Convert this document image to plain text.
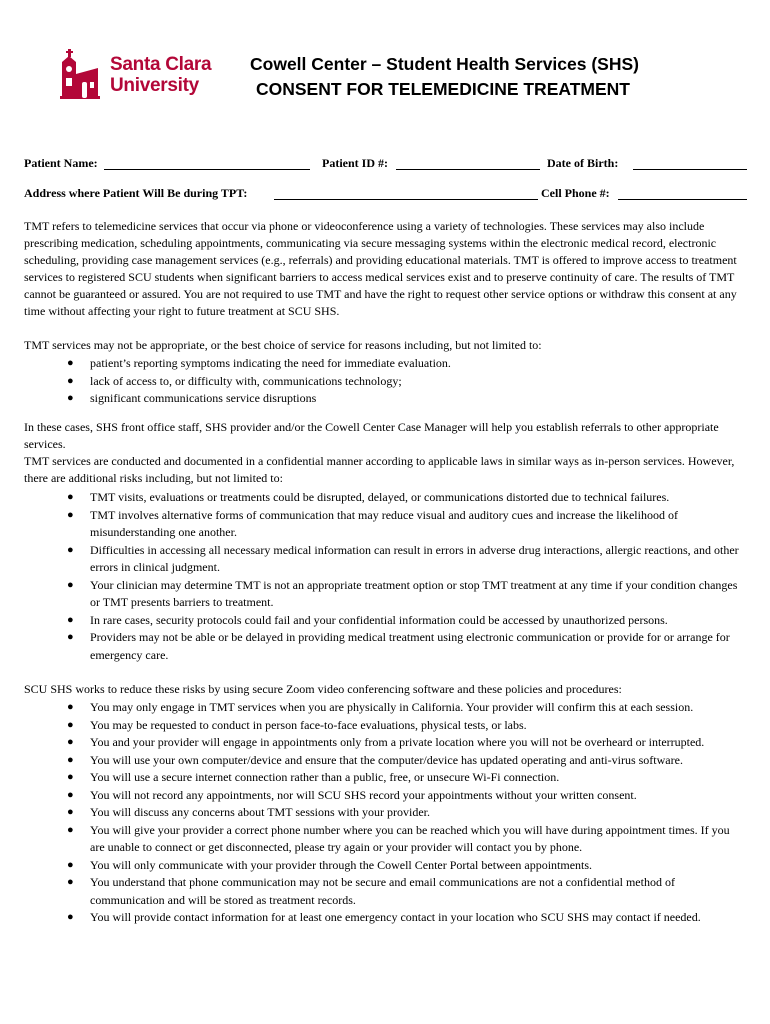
Santa Clara
University
Cowell Center – Student Health Services (SHS)
CONSENT FOR TELEMEDICINE TREATMENT
Patient Name:	Patient ID #:	Date of Birth:
Address where Patient Will Be during TPT:	Cell Phone #:

TMT refers to telemedicine services that occur via phone or videoconference using a variety of technologies. These services may also include prescribing medication, scheduling appointments, communicating via secure messaging systems within the electronic medical record, electronic scheduling, providing case management services (e.g., referrals) and providing educational materials. TMT is offered to improve access to treatment services to registered SCU students when significant barriers to access medical services exist and to preserve continuity of care. The results of TMT cannot be guaranteed or assured. You are not required to use TMT and have the right to request other service options or withdraw this consent at any time without affecting your right to future treatment at SCU SHS.

TMT services may not be appropriate, or the best choice of service for reasons including, but not limited to:

● patient’s reporting symptoms indicating the need for immediate evaluation.
● lack of access to, or difficulty with, communications technology;
● significant communications service disruptions

In these cases, SHS front office staff, SHS provider and/or the Cowell Center Case Manager will help you establish referrals to other appropriate services.

TMT services are conducted and documented in a confidential manner according to applicable laws in similar ways as in-person services. However, there are additional risks including, but not limited to:

● TMT visits, evaluations or treatments could be disrupted, delayed, or communications distorted due to technical failures.
● TMT involves alternative forms of communication that may reduce visual and auditory cues and increase the likelihood of misunderstanding one another.
● Difficulties in accessing all necessary medical information can result in errors in adverse drug interactions, allergic reactions, and other errors in clinical judgment.
● Your clinician may determine TMT is not an appropriate treatment option or stop TMT treatment at any time if your condition changes or TMT presents barriers to treatment.
● In rare cases, security protocols could fail and your confidential information could be accessed by unauthorized persons.
● Providers may not be able or be delayed in providing medical treatment using electronic communication or provide for or arrange for emergency care.

SCU SHS works to reduce these risks by using secure Zoom video conferencing software and these policies and procedures:

● You may only engage in TMT services when you are physically in California. Your provider will confirm this at each session.
● You may be requested to conduct in person face-to-face evaluations, physical tests, or labs.
● You and your provider will engage in appointments only from a private location where you will not be overheard or interrupted.
● You will use your own computer/device and ensure that the computer/device has updated operating and anti-virus software.
● You will use a secure internet connection rather than a public, free, or unsecure Wi-Fi connection.
● You will not record any appointments, nor will SCU SHS record your appointments without your written consent.
● You will discuss any concerns about TMT sessions with your provider.
● You will give your provider a correct phone number where you can be reached which you will have during appointment times. If you are unable to connect or get disconnected, please try again or your provider will contact you by phone.
● You will only communicate with your provider through the Cowell Center Portal between appointments.
● You understand that phone communication may not be secure and email communications are not a confidential method of communication and will be stored as treatment records.
● You will provide contact information for at least one emergency contact in your location who SCU SHS may contact if needed.
